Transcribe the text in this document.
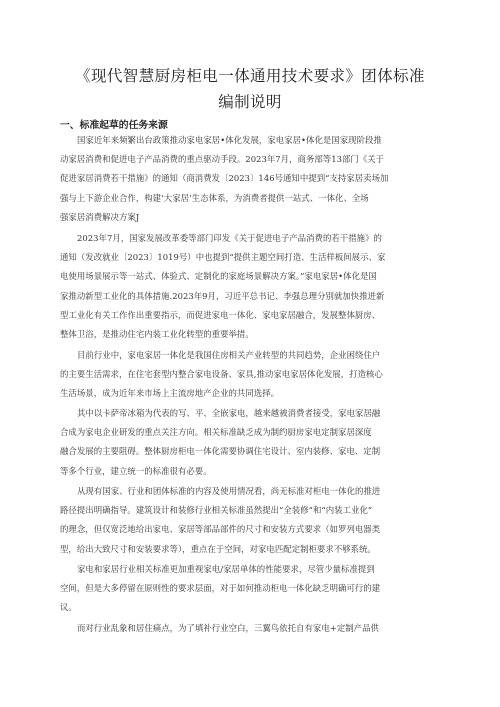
《现代智慧厨房柜电一体通用技术要求》团体标准
编制说明
一、标准起草的任务来源
国家近年来频繁出台政策推动家电家居•体化发展，家电家居•体化是国家现阶段推
动家居消费和促进电子产品消费的重点驱动手段。2023年7月，商务部等13部门《关于
促进家居消费若干措施》的通知（商消费发〔2023〕146号通知中提到“支持家居卖场加
强与上下游企业合作，构建‘大家居’生态体系，为消费者提供一站式、一体化、全场
强家居消费解决方案J
2023年7月，国家发展改革委等部门印发《关于促进电子产品消费的若干措施》的
通知（发改就业〔2023〕1019号）中也提到“提供主题空间打造、生活样板间展示、家
电使用场景展示等一站式、体验式、定制化的家庭场景解决方案。”家电家居•体化是国
家推动新型工业化的具体措施.2023年9月，习近平总书记、李强总理分别就加快推进新
型工业化有关工作作出重要指示，而促进家电一体化、家电家居融合，发展整体厨房、
整体卫浴，是推动住宅内装工业化转型的重要举措。
目前行业中，家电家居一体化是我国住房相关产业转型的共同趋势，企业困绕住户
的主要生活需求，在住宅套型内整合家电设备、家具,推动家电家居体化发展，打造核心
生活场景，成为近年来市场上主流房地产企业的共同选择。
其中以卡萨帝冰箱为代表的写、平、全嵌家电，越来越被消费者接受，家电家居融
合成为家电企业研发的重点关注方向。相关标准缺乏成为制约厨房家电定制家居深度
融合发展的主要阻碍。整体厨房柜电一体化需要协调住宅设计、室内装修、家电、定制
等多个行业，建立统一的标准很有必要。
从现有国家、行业和团体标准的内容及使用情况看，尚无标准对柜电一体化的推进
路径提出明确指导。建筑设计和装修行业相关标准虽然提出“全装修”和“内装工业化”
的理念，但仅宽泛地给出家电、家居等部品部件的尺寸和安装方式要求（如罗列电器类
型，给出大致尺寸和安装要求等），重点在于空间，对家电匹配定制柜要求不够系统。
家电和家居行业相关标准更加重视家电/家居单体的性能要求，尽管少量标准提到
空间，但是大多停留在原则性的要求层面，对于如何推动柜电一体化缺乏明确可行的建
议。
而对行业乱象和居住痛点，为了填补行业空白，三翼鸟依托自有家电+定制产品供
